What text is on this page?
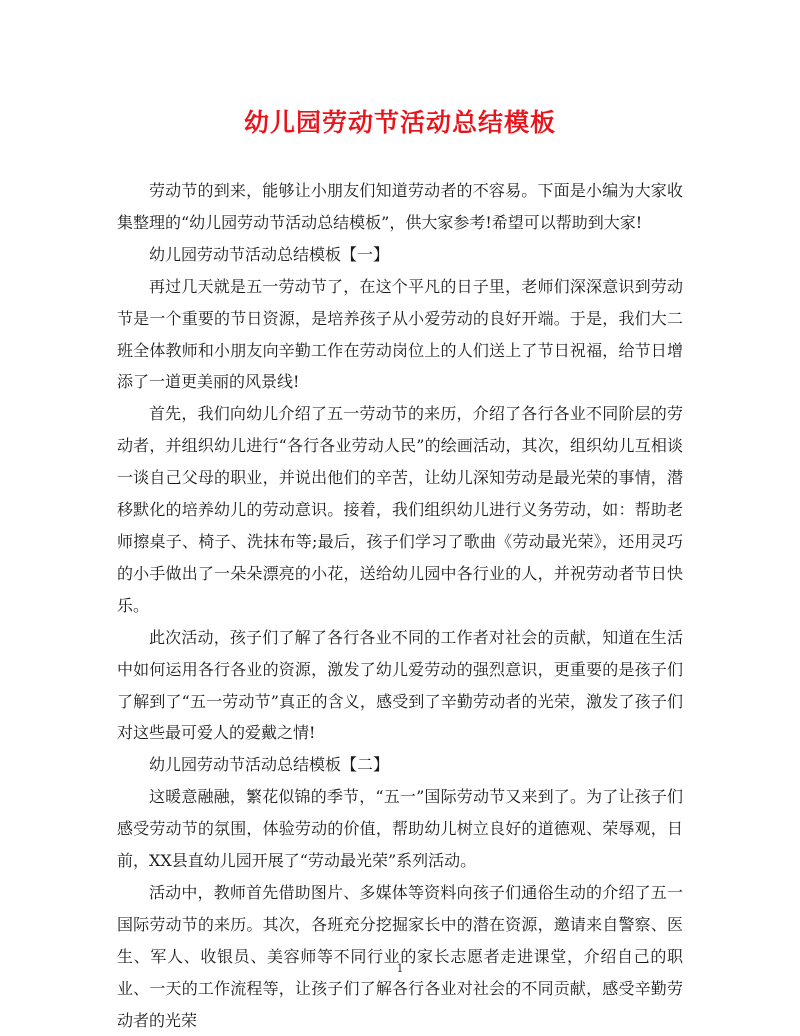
幼儿园劳动节活动总结模板

劳动节的到来，能够让小朋友们知道劳动者的不容易。下面是小编为大家收集整理的“幼儿园劳动节活动总结模板”，供大家参考!希望可以帮助到大家!

幼儿园劳动节活动总结模板【一】

再过几天就是五一劳动节了，在这个平凡的日子里，老师们深深意识到劳动节是一个重要的节日资源，是培养孩子从小爱劳动的良好开端。于是，我们大二班全体教师和小朋友向辛勤工作在劳动岗位上的人们送上了节日祝福，给节日增添了一道更美丽的风景线!

首先，我们向幼儿介绍了五一劳动节的来历，介绍了各行各业不同阶层的劳动者，并组织幼儿进行“各行各业劳动人民”的绘画活动，其次，组织幼儿互相谈一谈自己父母的职业，并说出他们的辛苦，让幼儿深知劳动是最光荣的事情，潜移默化的培养幼儿的劳动意识。接着，我们组织幼儿进行义务劳动，如：帮助老师擦桌子、椅子、洗抹布等;最后，孩子们学习了歌曲《劳动最光荣》，还用灵巧的小手做出了一朵朵漂亮的小花，送给幼儿园中各行业的人，并祝劳动者节日快乐。

此次活动，孩子们了解了各行各业不同的工作者对社会的贡献，知道在生活中如何运用各行各业的资源，激发了幼儿爱劳动的强烈意识，更重要的是孩子们了解到了“五一劳动节”真正的含义，感受到了辛勤劳动者的光荣，激发了孩子们对这些最可爱人的爱戴之情!

幼儿园劳动节活动总结模板【二】

这暖意融融，繁花似锦的季节，“五一”国际劳动节又来到了。为了让孩子们感受劳动节的氛围，体验劳动的价值，帮助幼儿树立良好的道德观、荣辱观，日前，XX县直幼儿园开展了“劳动最光荣”系列活动。

活动中，教师首先借助图片、多媒体等资料向孩子们通俗生动的介绍了五一国际劳动节的来历。其次，各班充分挖掘家长中的潜在资源，邀请来自警察、医生、军人、收银员、美容师等不同行业的家长志愿者走进课堂，介绍自己的职业、一天的工作流程等，让孩子们了解各行各业对社会的不同贡献，感受辛勤劳动者的光荣

1
